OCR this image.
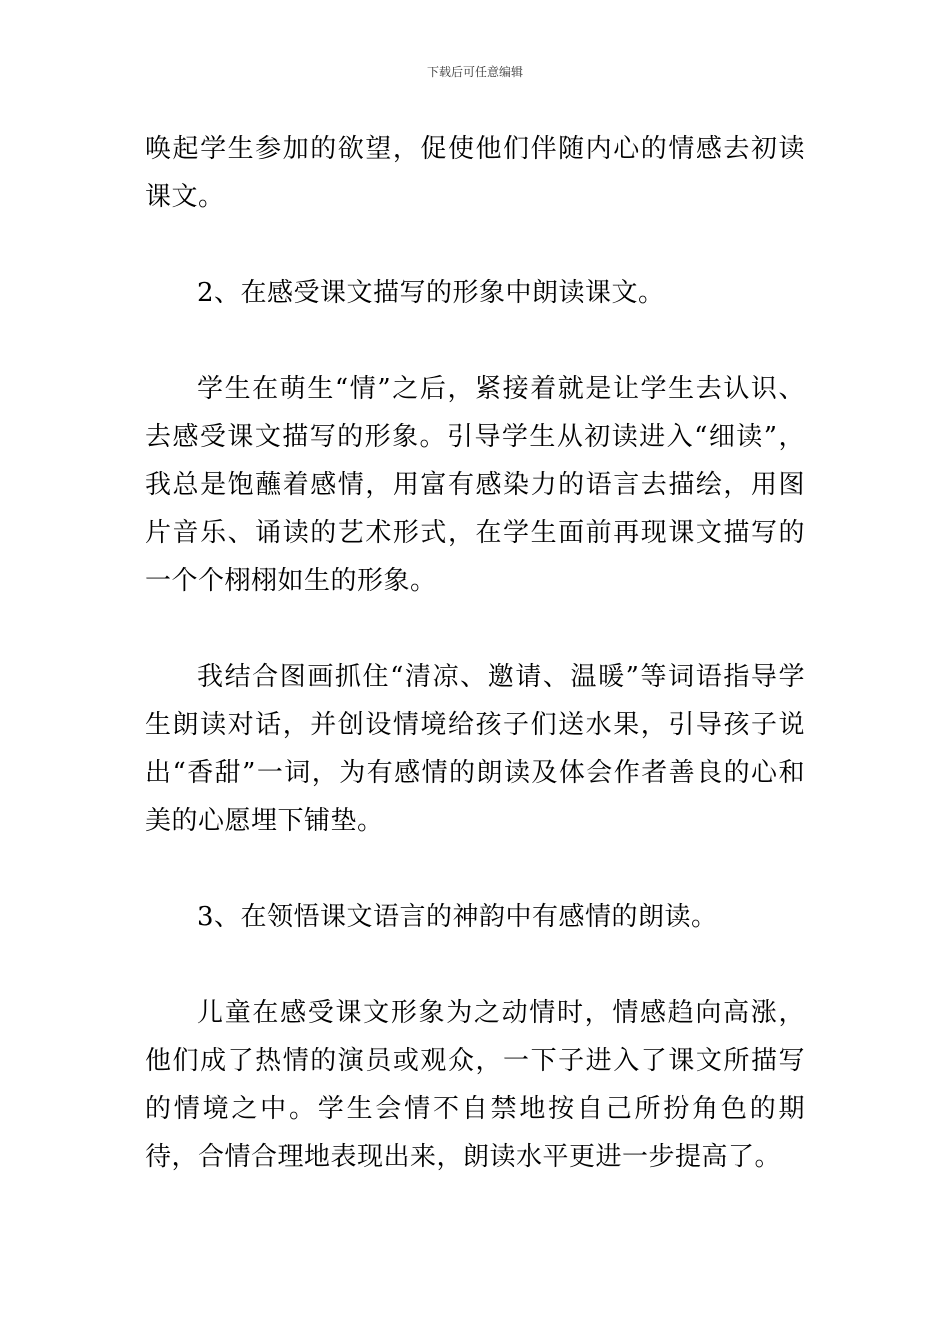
下载后可任意编辑

唤起学生参加的欲望，促使他们伴随内心的情感去初读课文。

2、在感受课文描写的形象中朗读课文。

学生在萌生“情”之后，紧接着就是让学生去认识、去感受课文描写的形象。引导学生从初读进入“细读”，我总是饱蘸着感情，用富有感染力的语言去描绘，用图片音乐、诵读的艺术形式，在学生面前再现课文描写的一个个栩栩如生的形象。

我结合图画抓住“清凉、邀请、温暖”等词语指导学生朗读对话，并创设情境给孩子们送水果，引导孩子说出“香甜”一词，为有感情的朗读及体会作者善良的心和美的心愿埋下铺垫。

3、在领悟课文语言的神韵中有感情的朗读。

儿童在感受课文形象为之动情时，情感趋向高涨，他们成了热情的演员或观众，一下子进入了课文所描写的情境之中。学生会情不自禁地按自己所扮角色的期待，合情合理地表现出来，朗读水平更进一步提高了。
